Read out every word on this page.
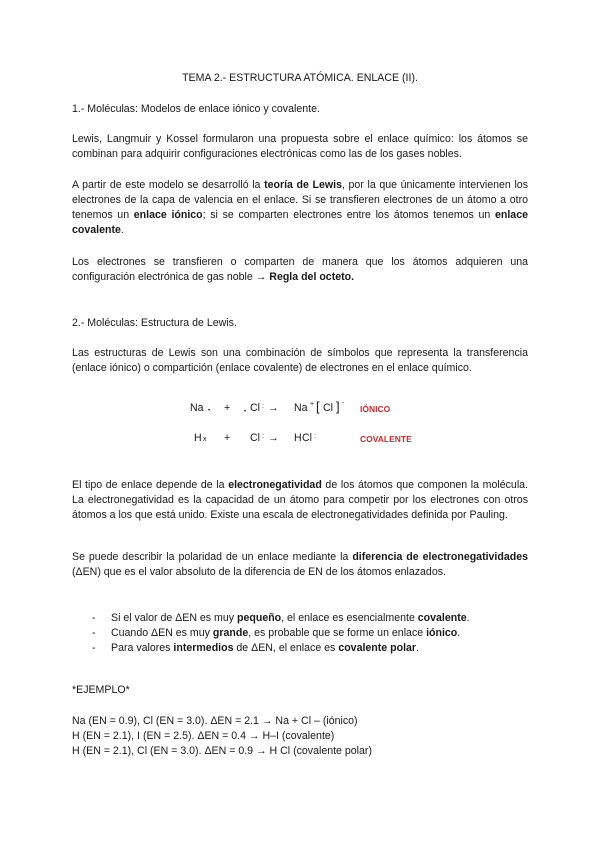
TEMA 2.- ESTRUCTURA ATÓMICA. ENLACE (II).

1.- Moléculas: Modelos de enlace iónico y covalente.

Lewis, Langmuir y Kossel formularon una propuesta sobre el enlace químico: los átomos se combinan para adquirir configuraciones electrónicas como las de los gases nobles.

A partir de este modelo se desarrolló la teoría de Lewis, por la que únicamente intervienen los electrones de la capa de valencia en el enlace. Si se transfieren electrones de un átomo a otro tenemos un enlace iónico; si se comparten electrones entre los átomos tenemos un enlace covalente.

Los electrones se transfieren o comparten de manera que los átomos adquieren una configuración electrónica de gas noble → Regla del octeto.

2.- Moléculas: Estructura de Lewis.

Las estructuras de Lewis son una combinación de símbolos que representa la transferencia (enlace iónico) o compartición (enlace covalente) de electrones en el enlace químico.

Na • + • Cl : → Na + [ Cl ] -
IÓNICO
H x + Cl : → H Cl :	COVALENTE

El tipo de enlace depende de la electronegatividad de los átomos que componen la molécula. La electronegatividad es la capacidad de un átomo para competir por los electrones con otros átomos a los que está unido. Existe una escala de electronegatividades definida por Pauling.

Se puede describir la polaridad de un enlace mediante la diferencia de electronegatividades (ΔEN) que es el valor absoluto de la diferencia de EN de los átomos enlazados.

- Si el valor de ΔEN es muy pequeño, el enlace es esencialmente covalente.
- Cuando ΔEN es muy grande, es probable que se forme un enlace iónico.
- Para valores intermedios de ΔEN, el enlace es covalente polar.

*EJEMPLO*

Na (EN = 0.9), Cl (EN = 3.0). ΔEN = 2.1 → Na + Cl – (iónico)

H (EN = 2.1), I (EN = 2.5). ΔEN = 0.4 → H–I (covalente)

H (EN = 2.1), Cl (EN = 3.0). ΔEN = 0.9 → H Cl (covalente polar)
